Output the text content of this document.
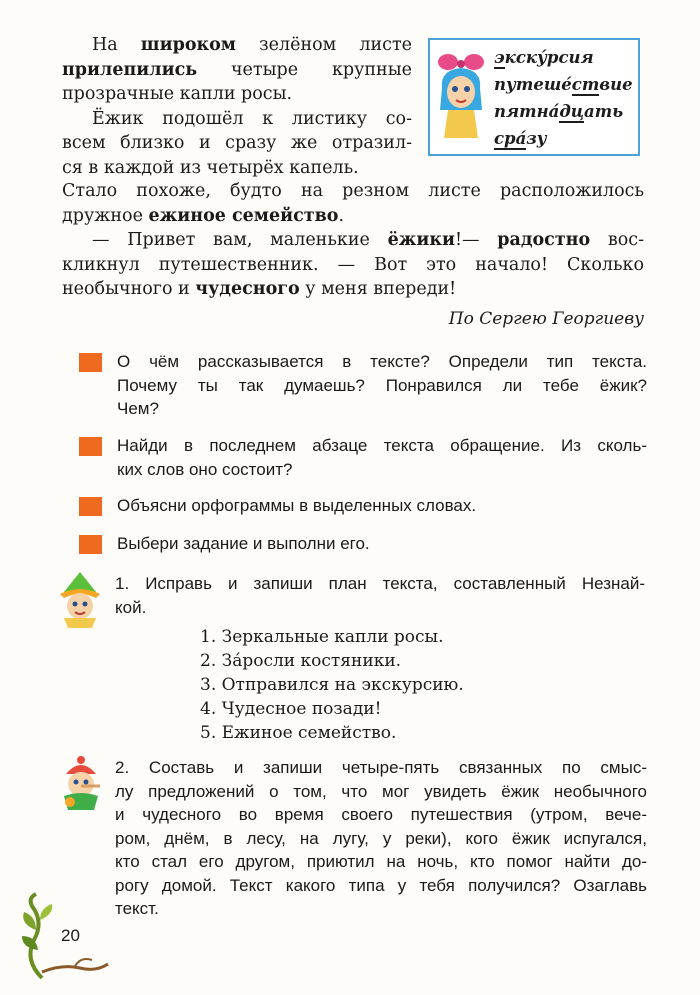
На широком зелёном листе
прилепились четыре крупные
прозрачные капли росы.
Ёжик подошёл к листику со-
всем близко и сразу же отразил-
ся в каждой из четырёх капель.
Стало похоже, будто на резном листе расположилось
дружное ежиное семейство.
— Привет вам, маленькие ёжики!— радостно вос-
кликнул путешественник. — Вот это начало! Сколько
необычного и чудесного у меня впереди!
По Сергею Георгиеву
экску́рсия
путеше́ствие
пятна́дцать
сра́зу
О чём рассказывается в тексте? Определи тип текста.
Почему ты так думаешь? Понравился ли тебе ёжик?
Чем?
Найди в последнем абзаце текста обращение. Из сколь-
ких слов оно состоит?
Объясни орфограммы в выделенных словах.
Выбери задание и выполни его.
1. Исправь и запиши план текста, составленный Незнай-
кой.
1. Зеркальные капли росы.
2. За́росли костяники.
3. Отправился на экскурсию.
4. Чудесное позади!
5. Ежиное семейство.
2. Составь и запиши четыре-пять связанных по смыс-
лу предложений о том, что мог увидеть ёжик необычного
и чудесного во время своего путешествия (утром, вече-
ром, днём, в лесу, на лугу, у реки), кого ёжик испугался,
кто стал его другом, приютил на ночь, кто помог найти до-
рогу домой. Текст какого типа у тебя получился? Озаглавь
текст.
20
